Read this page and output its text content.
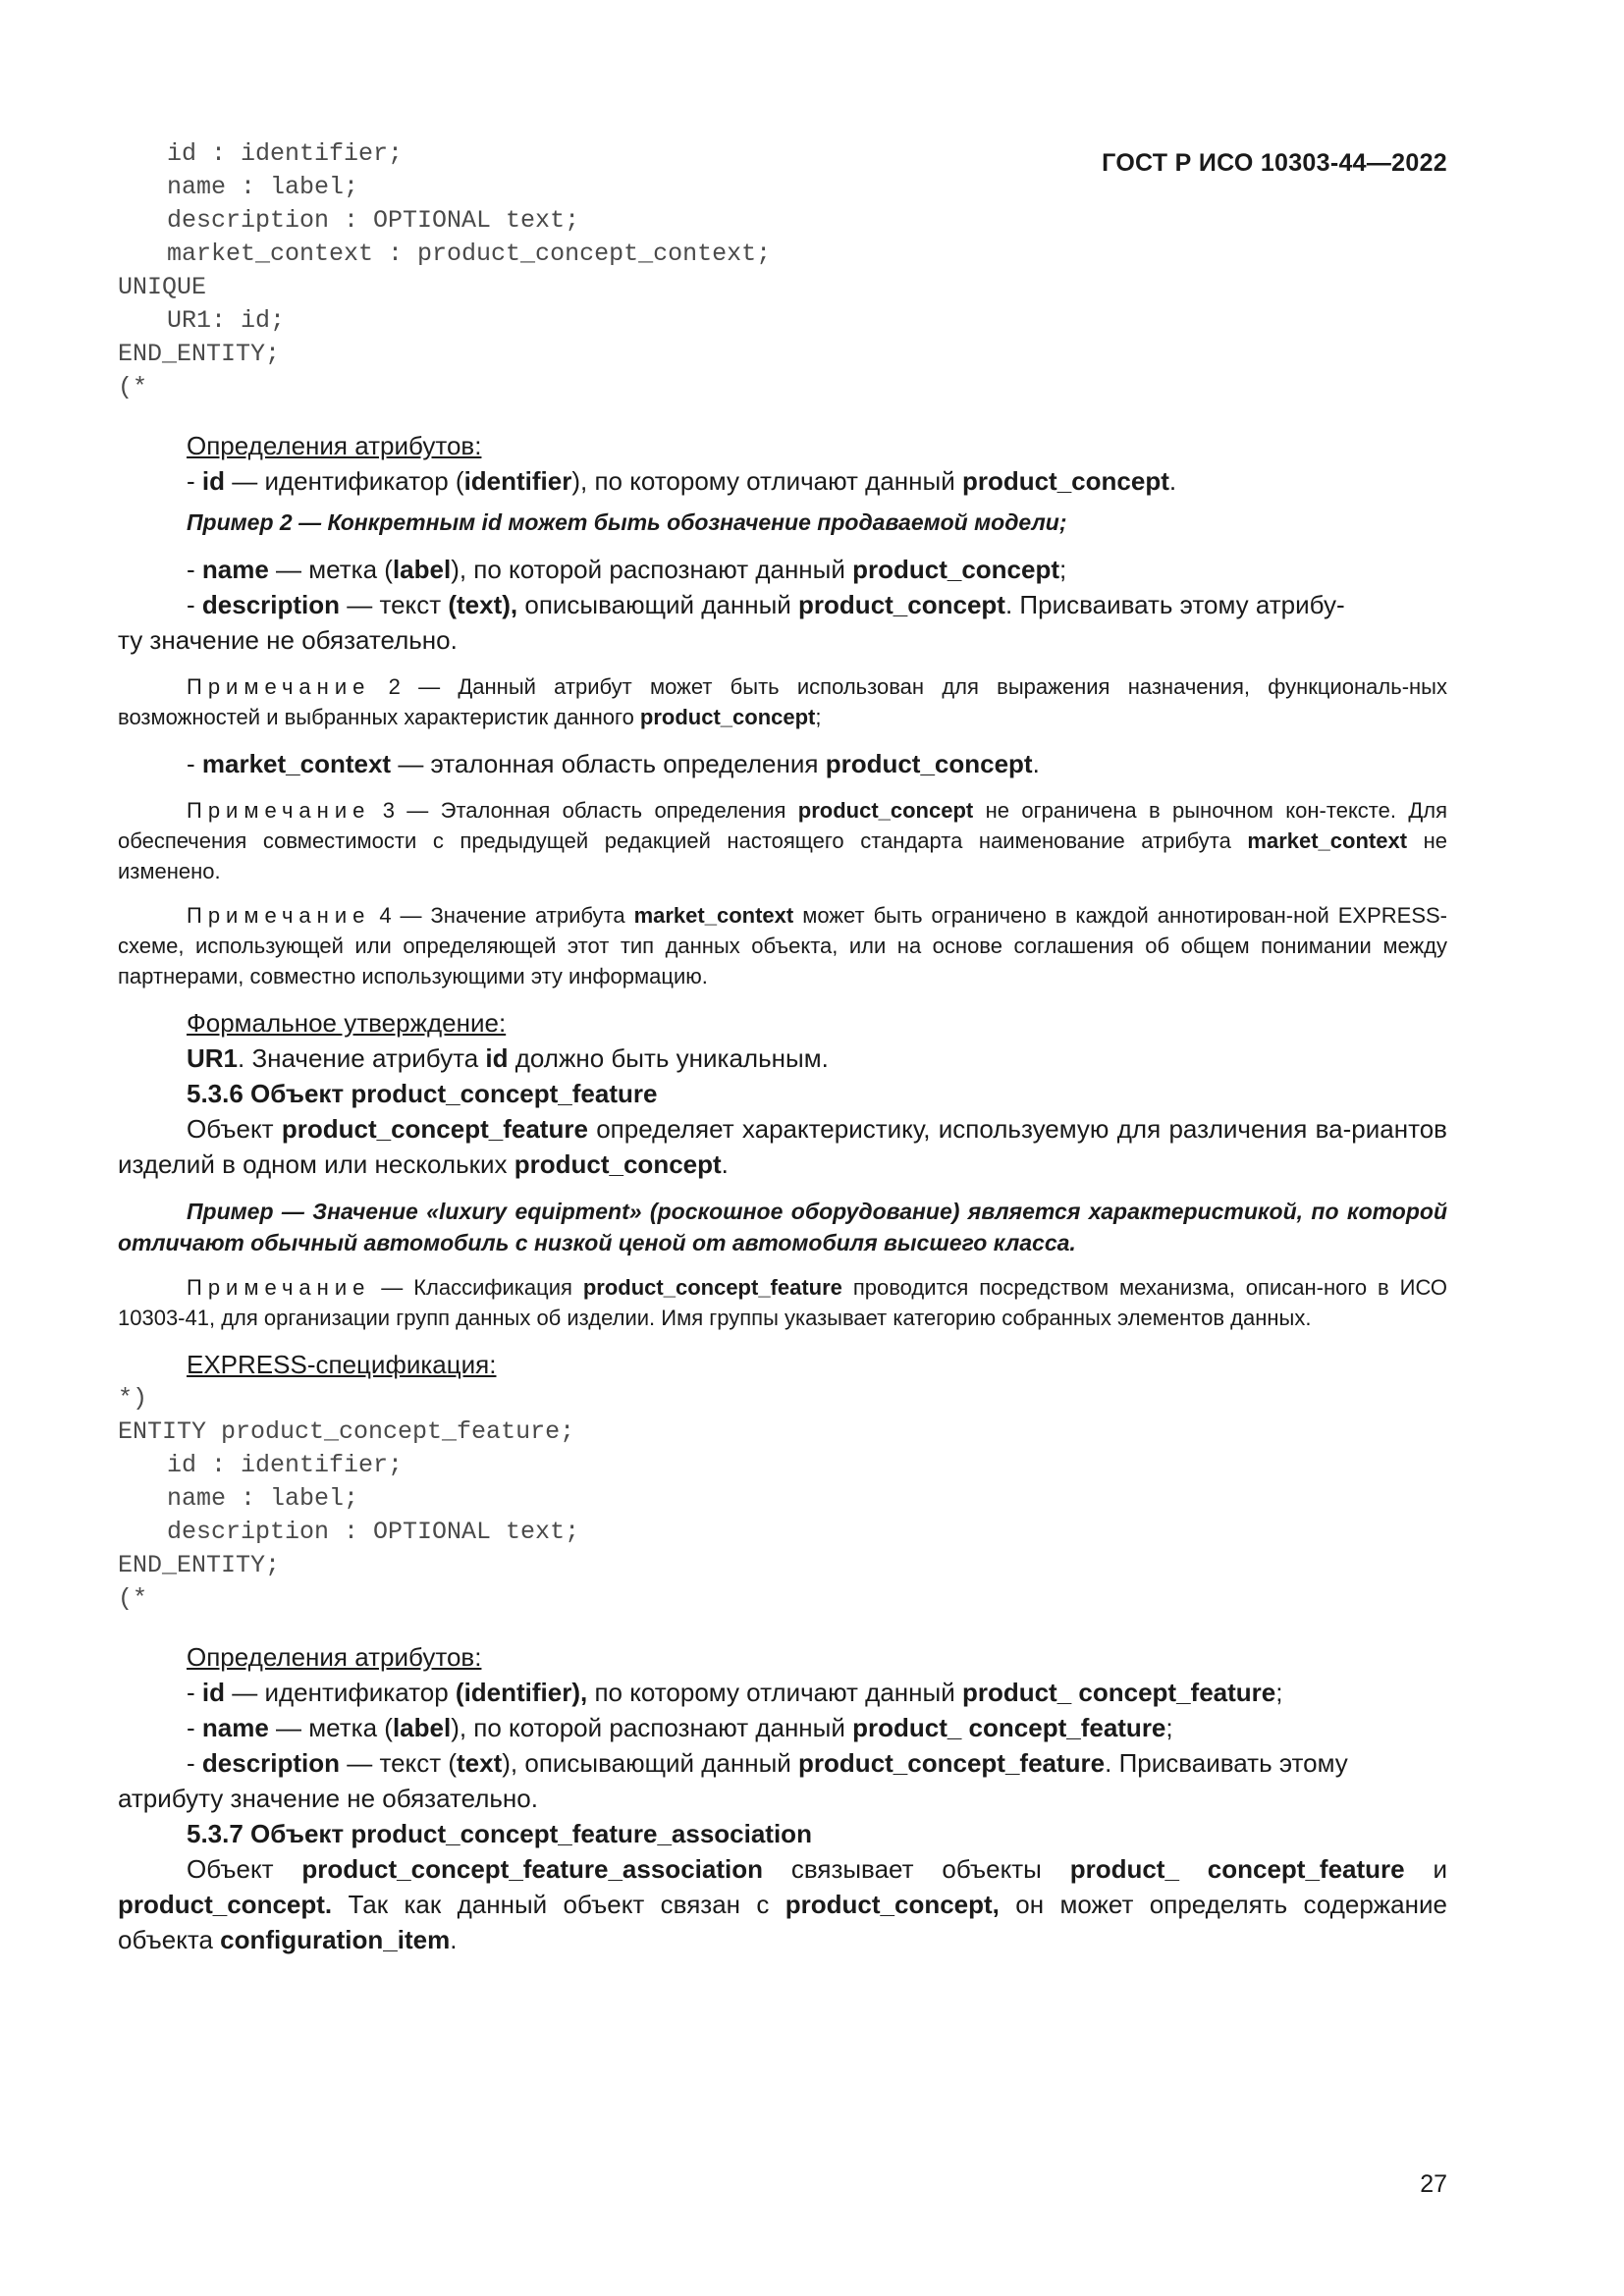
ГОСТ Р ИСО 10303-44—2022
id : identifier;
name : label;
description : OPTIONAL text;
market_context : product_concept_context;
UNIQUE
UR1: id;
END_ENTITY;
(*

Определения атрибутов:

- id — идентификатор (identifier), по которому отличают данный product_concept.

Пример 2 — Конкретным id может быть обозначение продаваемой модели;

- name — метка (label), по которой распознают данный product_concept;

- description — текст (text), описывающий данный product_concept. Присваивать этому атрибу-

ту значение не обязательно.

Примечание 2 — Данный атрибут может быть использован для выражения назначения, функциональ-ных возможностей и выбранных характеристик данного product_concept;

- market_context — эталонная область определения product_concept.

Примечание 3 — Эталонная область определения product_concept не ограничена в рыночном кон-тексте. Для обеспечения совместимости с предыдущей редакцией настоящего стандарта наименование атрибута market_context не изменено.

Примечание 4 — Значение атрибута market_context может быть ограничено в каждой аннотирован-ной EXPRESS-схеме, использующей или определяющей этот тип данных объекта, или на основе соглашения об общем понимании между партнерами, совместно использующими эту информацию.

Формальное утверждение:

UR1. Значение атрибута id должно быть уникальным.

5.3.6 Объект product_concept_feature

Объект product_concept_feature определяет характеристику, используемую для различения ва-риантов изделий в одном или нескольких product_concept.

Пример — Значение «luxury equipment» (роскошное оборудование) является характеристикой, по которой отличают обычный автомобиль с низкой ценой от автомобиля высшего класса.

Примечание — Классификация product_concept_feature проводится посредством механизма, описан-ного в ИСО 10303-41, для организации групп данных об изделии. Имя группы указывает категорию собранных элементов данных.

EXPRESS-спецификация:

*)
ENTITY product_concept_feature;
id : identifier;
name : label;
description : OPTIONAL text;
END_ENTITY;
(*

Определения атрибутов:

- id — идентификатор (identifier), по которому отличают данный product_ concept_feature;

- name — метка (label), по которой распознают данный product_ concept_feature;

- description — текст (text), описывающий данный product_concept_feature. Присваивать этому

атрибуту значение не обязательно.

5.3.7 Объект product_concept_feature_association

Объект product_concept_feature_association связывает объекты product_ concept_feature и product_concept. Так как данный объект связан с product_concept, он может определять содержание объекта configuration_item.

27
